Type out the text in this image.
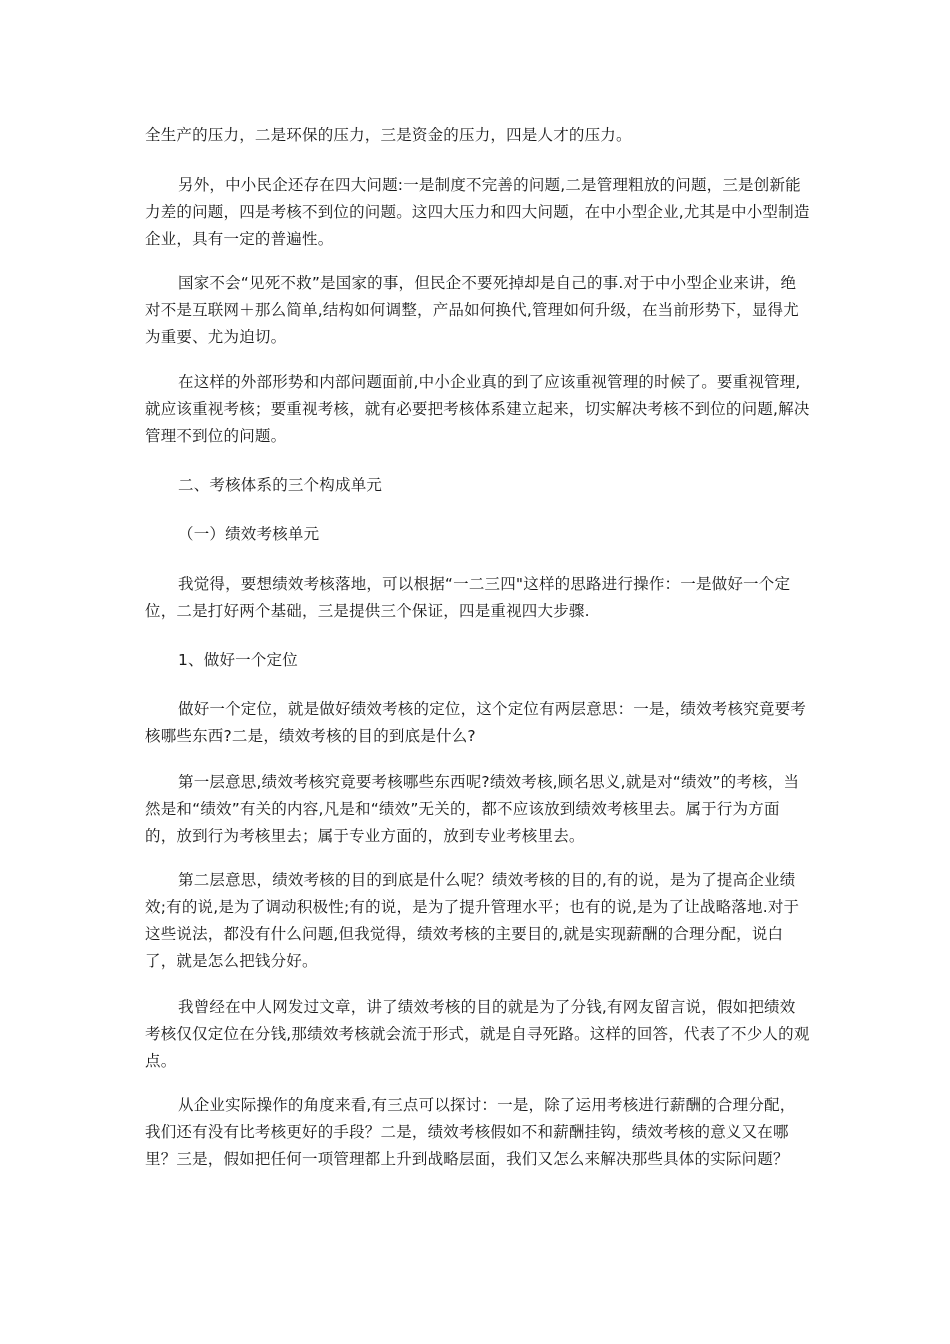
全生产的压力，二是环保的压力，三是资金的压力，四是人才的压力。

另外，中小民企还存在四大问题:一是制度不完善的问题,二是管理粗放的问题，三是创新能力差的问题，四是考核不到位的问题。这四大压力和四大问题，在中小型企业,尤其是中小型制造企业，具有一定的普遍性。

国家不会“见死不救”是国家的事，但民企不要死掉却是自己的事.对于中小型企业来讲，绝对不是互联网＋那么简单,结构如何调整，产品如何换代,管理如何升级，在当前形势下，显得尤为重要、尤为迫切。

在这样的外部形势和内部问题面前,中小企业真的到了应该重视管理的时候了。要重视管理,就应该重视考核；要重视考核，就有必要把考核体系建立起来，切实解决考核不到位的问题,解决管理不到位的问题。

二、考核体系的三个构成单元

（一）绩效考核单元

我觉得，要想绩效考核落地，可以根据“一二三四"这样的思路进行操作：一是做好一个定位，二是打好两个基础，三是提供三个保证，四是重视四大步骤.

1、做好一个定位

做好一个定位，就是做好绩效考核的定位，这个定位有两层意思：一是，绩效考核究竟要考核哪些东西?二是，绩效考核的目的到底是什么?

第一层意思,绩效考核究竟要考核哪些东西呢?绩效考核,顾名思义,就是对“绩效”的考核，当然是和“绩效”有关的内容,凡是和“绩效”无关的，都不应该放到绩效考核里去。属于行为方面的，放到行为考核里去；属于专业方面的，放到专业考核里去。

第二层意思，绩效考核的目的到底是什么呢？绩效考核的目的,有的说，是为了提高企业绩效;有的说,是为了调动积极性;有的说，是为了提升管理水平；也有的说,是为了让战略落地.对于这些说法，都没有什么问题,但我觉得，绩效考核的主要目的,就是实现薪酬的合理分配，说白了，就是怎么把钱分好。

我曾经在中人网发过文章，讲了绩效考核的目的就是为了分钱,有网友留言说，假如把绩效考核仅仅定位在分钱,那绩效考核就会流于形式，就是自寻死路。这样的回答，代表了不少人的观点。

从企业实际操作的角度来看,有三点可以探讨：一是，除了运用考核进行薪酬的合理分配，我们还有没有比考核更好的手段？二是，绩效考核假如不和薪酬挂钩，绩效考核的意义又在哪里？三是，假如把任何一项管理都上升到战略层面，我们又怎么来解决那些具体的实际问题？
